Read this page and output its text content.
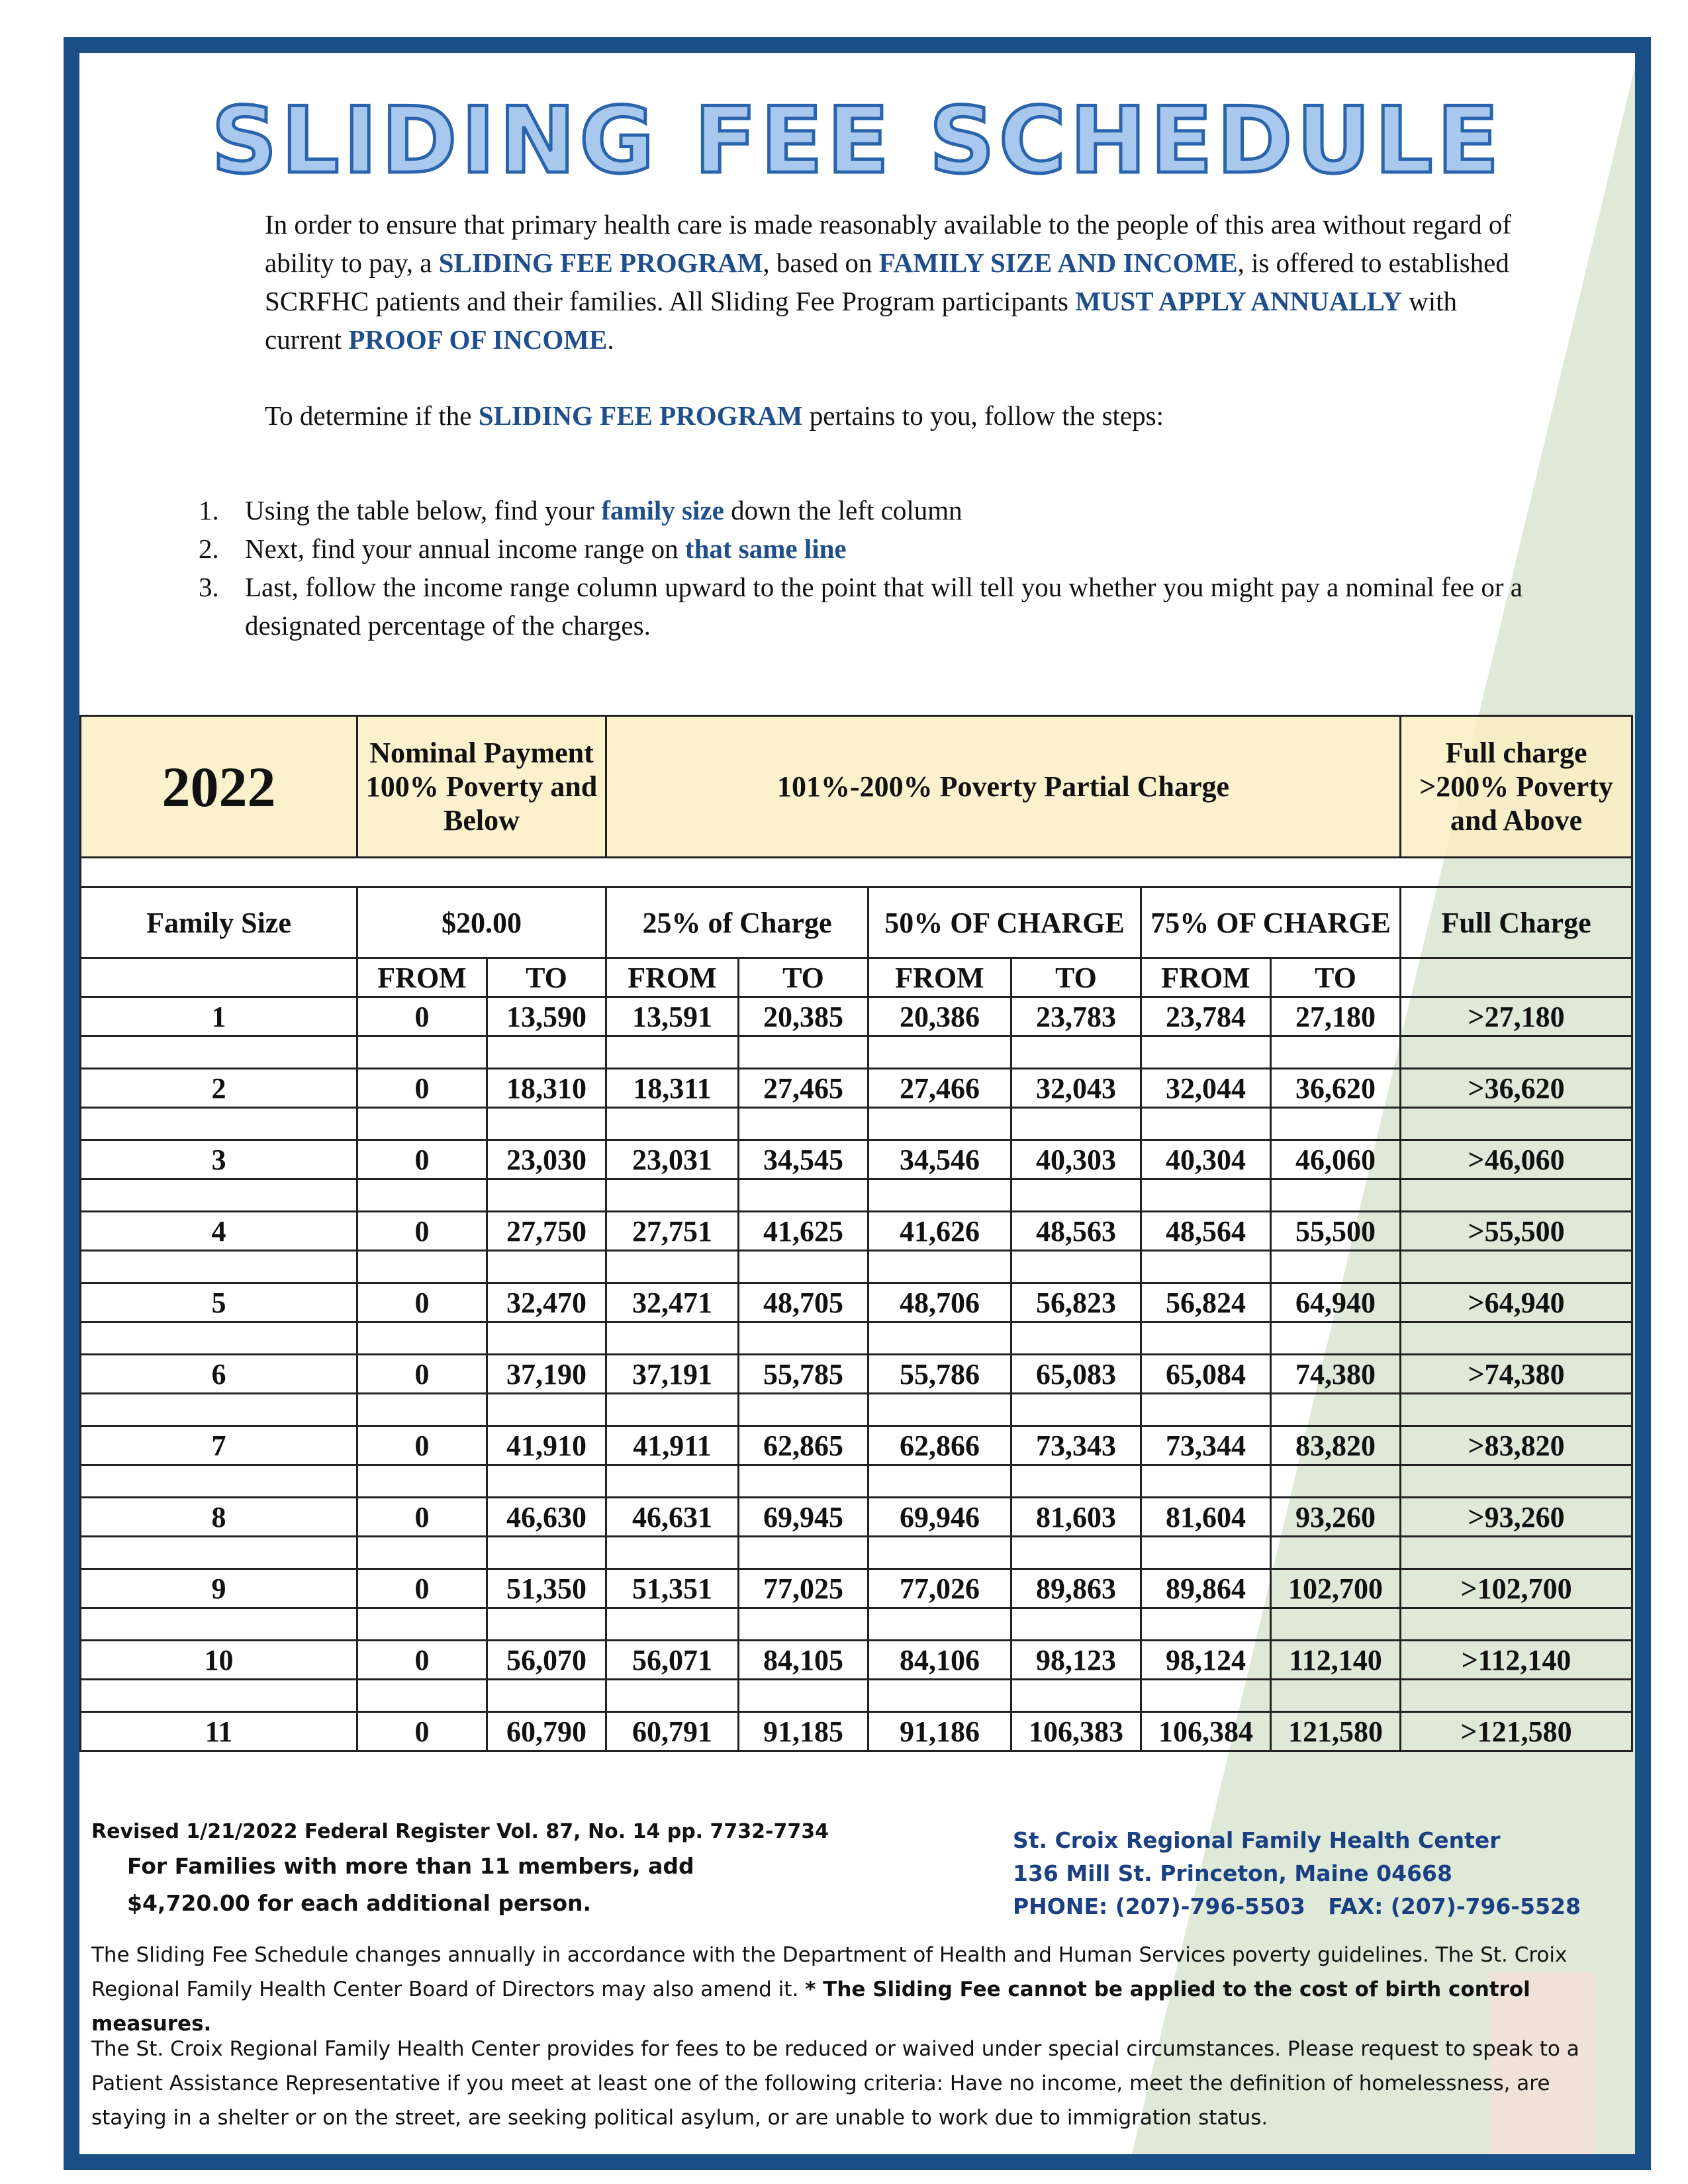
SLIDING FEE SCHEDULE

In order to ensure that primary health care is made reasonably available to the people of this area without regard of ability to pay, a SLIDING FEE PROGRAM, based on FAMILY SIZE AND INCOME, is offered to established SCRFHC patients and their families. All Sliding Fee Program participants MUST APPLY ANNUALLY with current PROOF OF INCOME.

To determine if the SLIDING FEE PROGRAM pertains to you, follow the steps:
1. Using the table below, find your family size down the left column
2. Next, find your annual income range on that same line
3. Last, follow the income range column upward to the point that will tell you whether you might pay a nominal fee or a designated percentage of the charges.
2022	Nominal Payment 100% Poverty and Below		101%-200% Poverty Partial Charge						Full charge >200% Poverty and Above

Family Size	$20.00		25% of Charge		50% OF CHARGE		75% OF CHARGE		Full Charge
	FROM	TO	FROM	TO	FROM	TO	FROM	TO	
1	0	13,590	13,591	20,385	20,386	23,783	23,784	27,180	>27,180

2	0	18,310	18,311	27,465	27,466	32,043	32,044	36,620	>36,620

3	0	23,030	23,031	34,545	34,546	40,303	40,304	46,060	>46,060

4	0	27,750	27,751	41,625	41,626	48,563	48,564	55,500	>55,500

5	0	32,470	32,471	48,705	48,706	56,823	56,824	64,940	>64,940

6	0	37,190	37,191	55,785	55,786	65,083	65,084	74,380	>74,380

7	0	41,910	41,911	62,865	62,866	73,343	73,344	83,820	>83,820

8	0	46,630	46,631	69,945	69,946	81,603	81,604	93,260	>93,260

9	0	51,350	51,351	77,025	77,026	89,863	89,864	102,700	>102,700

10	0	56,070	56,071	84,105	84,106	98,123	98,124	112,140	>112,140

11	0	60,790	60,791	91,185	91,186	106,383	106,384	121,580	>121,580
Revised 1/21/2022 Federal Register Vol. 87, No. 14 pp. 7732-7734
For Families with more than 11 members, add
$4,720.00 for each additional person.
St. Croix Regional Family Health Center
136 Mill St. Princeton, Maine 04668
PHONE: (207)-796-5503   FAX: (207)-796-5528
The Sliding Fee Schedule changes annually in accordance with the Department of Health and Human Services poverty guidelines. The St. Croix Regional Family Health Center Board of Directors may also amend it. * The Sliding Fee cannot be applied to the cost of birth control measures.
The St. Croix Regional Family Health Center provides for fees to be reduced or waived under special circumstances. Please request to speak to a Patient Assistance Representative if you meet at least one of the following criteria: Have no income, meet the definition of homelessness, are staying in a shelter or on the street, are seeking political asylum, or are unable to work due to immigration status.
